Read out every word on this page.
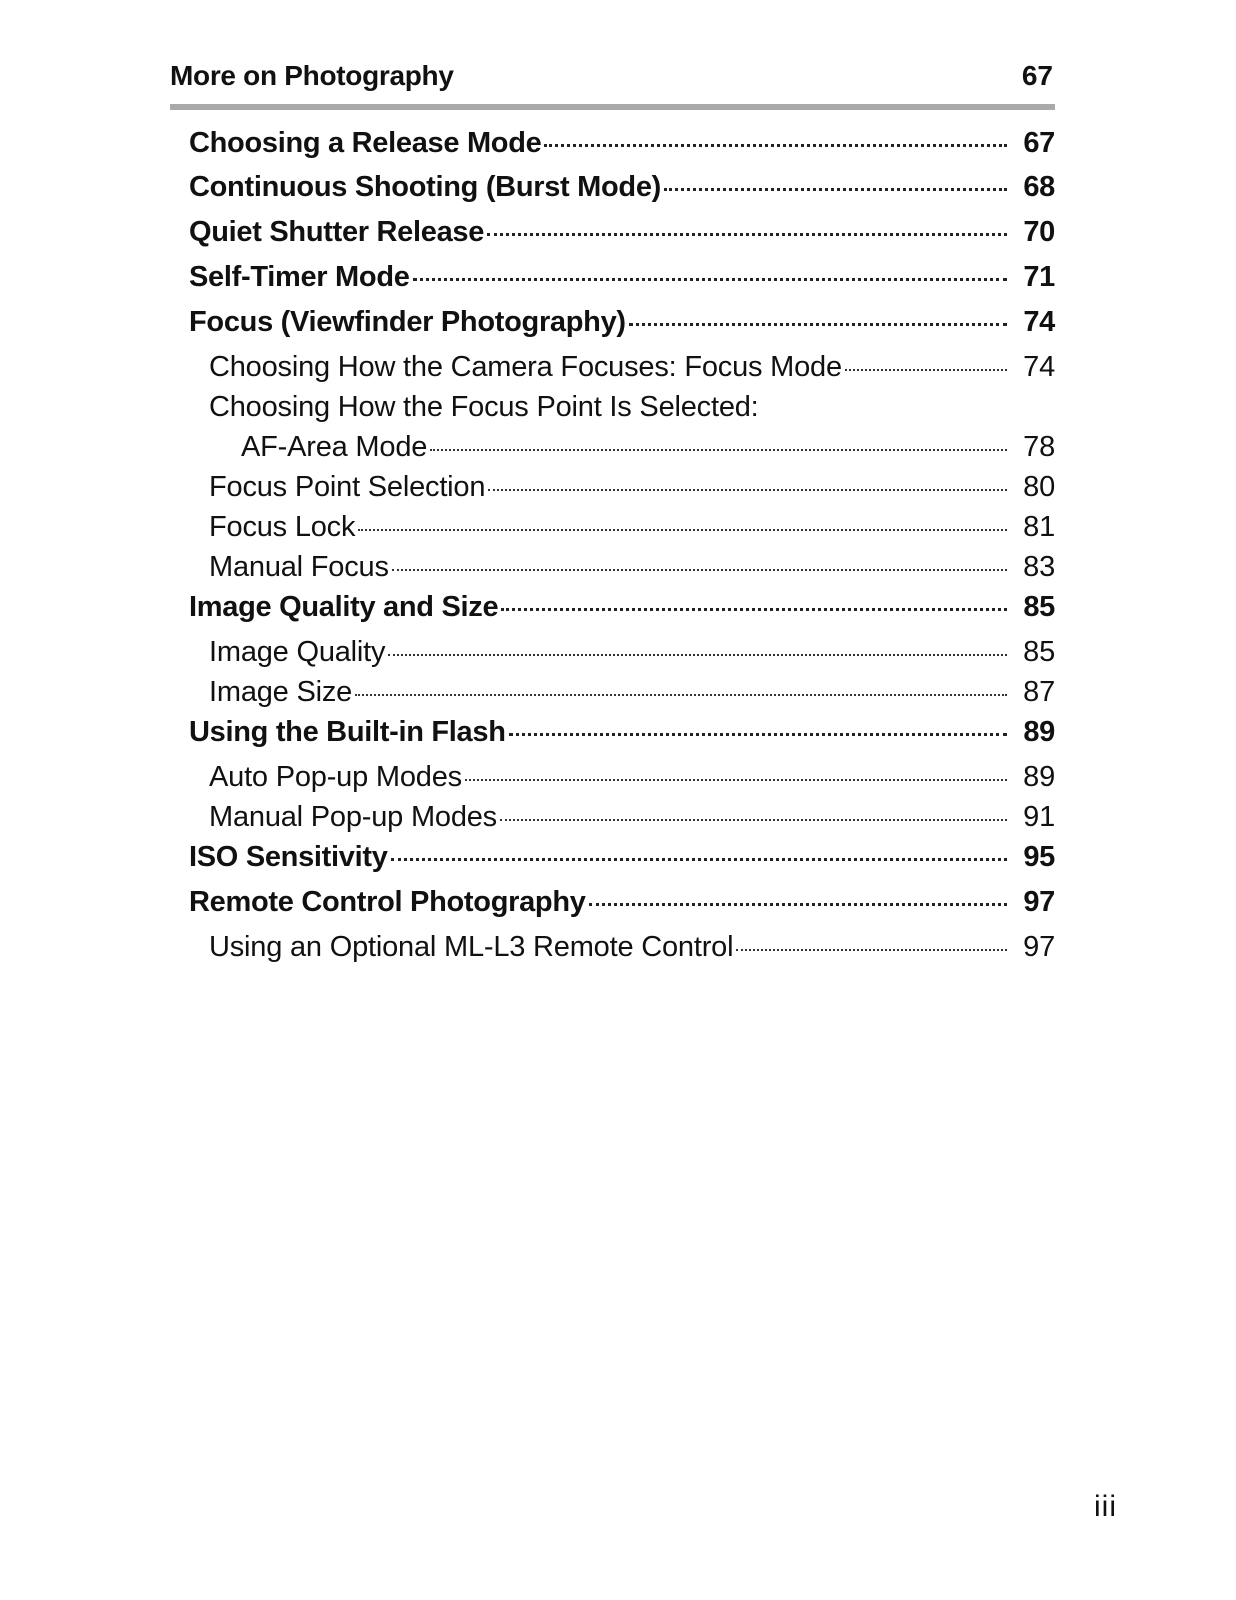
More on Photography	67
Choosing a Release Mode	67
Continuous Shooting (Burst Mode)	68
Quiet Shutter Release	70
Self-Timer Mode	71
Focus (Viewfinder Photography)	74
Choosing How the Camera Focuses: Focus Mode	74
Choosing How the Focus Point Is Selected:
AF-Area Mode	78
Focus Point Selection	80
Focus Lock	81
Manual Focus	83
Image Quality and Size	85
Image Quality	85
Image Size	87
Using the Built-in Flash	89
Auto Pop-up Modes	89
Manual Pop-up Modes	91
ISO Sensitivity	95
Remote Control Photography	97
Using an Optional ML-L3 Remote Control	97
iii
